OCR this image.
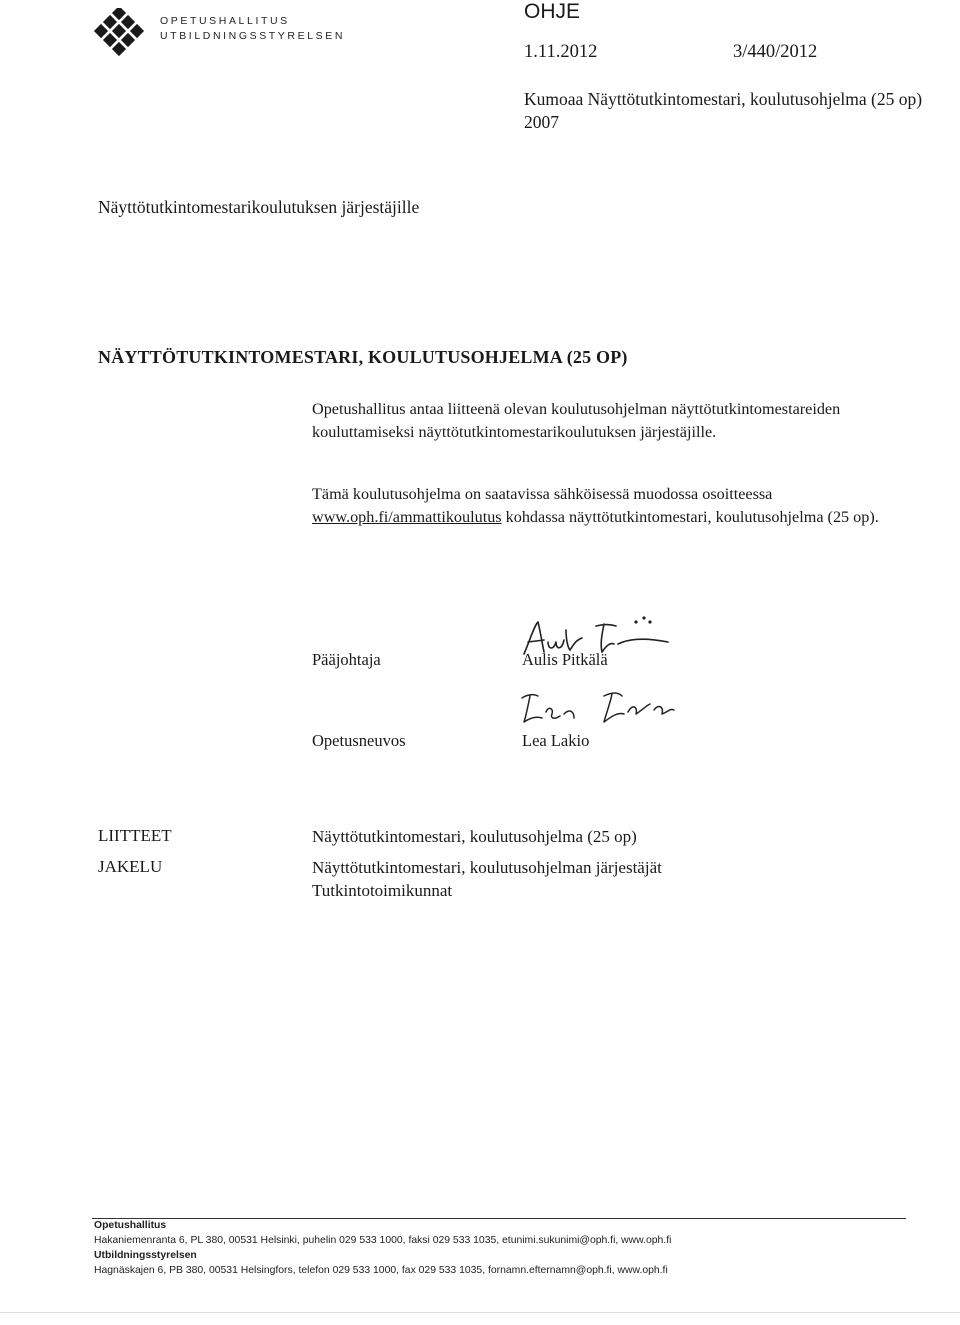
OPETUSHALLITUS
UTBILDNINGSSTYRELSEN
OHJE
1.11.2012	3/440/2012
Kumoaa Näyttötutkintomestari, koulutusohjelma (25 op) 2007
Näyttötutkintomestarikoulutuksen järjestäjille
NÄYTTÖTUTKINTOMESTARI, KOULUTUSOHJELMA (25 OP)
Opetushallitus antaa liitteenä olevan koulutusohjelman näyttötutkintomestareiden kouluttamiseksi näyttötutkintomestarikoulutuksen järjestäjille.
Tämä koulutusohjelma on saatavissa sähköisessä muodossa osoitteessa www.oph.fi/ammattikoulutus kohdassa näyttötutkintomestari, koulutusohjelma (25 op).
Pääjohtaja	Aulis Pitkälä
Opetusneuvos	Lea Lakio
LIITTEET	Näyttötutkintomestari, koulutusohjelma (25 op)
JAKELU	Näyttötutkintomestari, koulutusohjelman järjestäjät
Tutkintotoimikunnat
Opetushallitus
Hakaniemenranta 6, PL 380, 00531 Helsinki, puhelin 029 533 1000, faksi 029 533 1035, etunimi.sukunimi@oph.fi, www.oph.fi
Utbildningsstyrelsen
Hagnäskajen 6, PB 380, 00531 Helsingfors, telefon 029 533 1000, fax 029 533 1035, fornamn.efternamn@oph.fi, www.oph.fi
